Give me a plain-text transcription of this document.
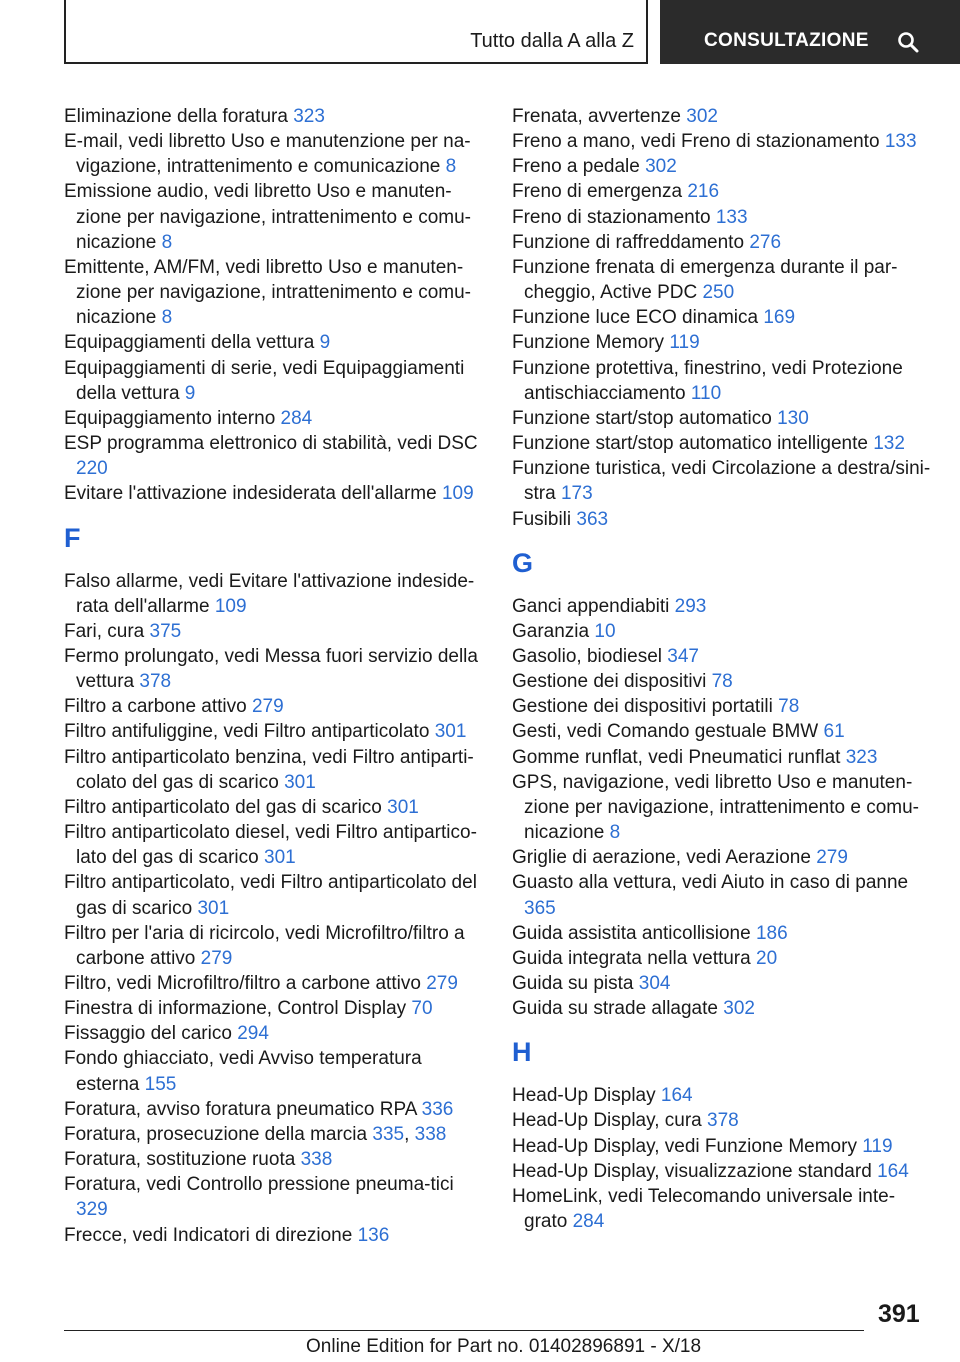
Tutto dalla A alla Z	CONSULTAZIONE
Eliminazione della foratura 323
E-mail, vedi libretto Uso e manutenzione per na‐vigazione, intrattenimento e comunicazione 8
Emissione audio, vedi libretto Uso e manuten‐zione per navigazione, intrattenimento e comu‐nicazione 8
Emittente, AM/FM, vedi libretto Uso e manuten‐zione per navigazione, intrattenimento e comu‐nicazione 8
Equipaggiamenti della vettura 9
Equipaggiamenti di serie, vedi Equipaggiamenti della vettura 9
Equipaggiamento interno 284
ESP programma elettronico di stabilità, vedi DSC 220
Evitare l'attivazione indesiderata dell'allarme 109
F
Falso allarme, vedi Evitare l'attivazione indeside‐rata dell'allarme 109
Fari, cura 375
Fermo prolungato, vedi Messa fuori servizio della vettura 378
Filtro a carbone attivo 279
Filtro antifuliggine, vedi Filtro antiparticolato 301
Filtro antiparticolato benzina, vedi Filtro antiparti‐colato del gas di scarico 301
Filtro antiparticolato del gas di scarico 301
Filtro antiparticolato diesel, vedi Filtro antipartico‐lato del gas di scarico 301
Filtro antiparticolato, vedi Filtro antiparticolato del gas di scarico 301
Filtro per l'aria di ricircolo, vedi Microfiltro/filtro a carbone attivo 279
Filtro, vedi Microfiltro/filtro a carbone attivo 279
Finestra di informazione, Control Display 70
Fissaggio del carico 294
Fondo ghiacciato, vedi Avviso temperatura esterna 155
Foratura, avviso foratura pneumatico RPA 336
Foratura, prosecuzione della marcia 335, 338
Foratura, sostituzione ruota 338
Foratura, vedi Controllo pressione pneuma‐tici 329
Frecce, vedi Indicatori di direzione 136
Frenata, avvertenze 302
Freno a mano, vedi Freno di stazionamento 133
Freno a pedale 302
Freno di emergenza 216
Freno di stazionamento 133
Funzione di raffreddamento 276
Funzione frenata di emergenza durante il par‐cheggio, Active PDC 250
Funzione luce ECO dinamica 169
Funzione Memory 119
Funzione protettiva, finestrino, vedi Protezione antischiacciamento 110
Funzione start/stop automatico 130
Funzione start/stop automatico intelligente 132
Funzione turistica, vedi Circolazione a destra/sini‐stra 173
Fusibili 363
G
Ganci appendiabiti 293
Garanzia 10
Gasolio, biodiesel 347
Gestione dei dispositivi 78
Gestione dei dispositivi portatili 78
Gesti, vedi Comando gestuale BMW 61
Gomme runflat, vedi Pneumatici runflat 323
GPS, navigazione, vedi libretto Uso e manuten‐zione per navigazione, intrattenimento e comu‐nicazione 8
Griglie di aerazione, vedi Aerazione 279
Guasto alla vettura, vedi Aiuto in caso di panne 365
Guida assistita anticollisione 186
Guida integrata nella vettura 20
Guida su pista 304
Guida su strade allagate 302
H
Head-Up Display 164
Head-Up Display, cura 378
Head-Up Display, vedi Funzione Memory 119
Head-Up Display, visualizzazione standard 164
HomeLink, vedi Telecomando universale inte‐grato 284
391
Online Edition for Part no. 01402896891 - X/18
